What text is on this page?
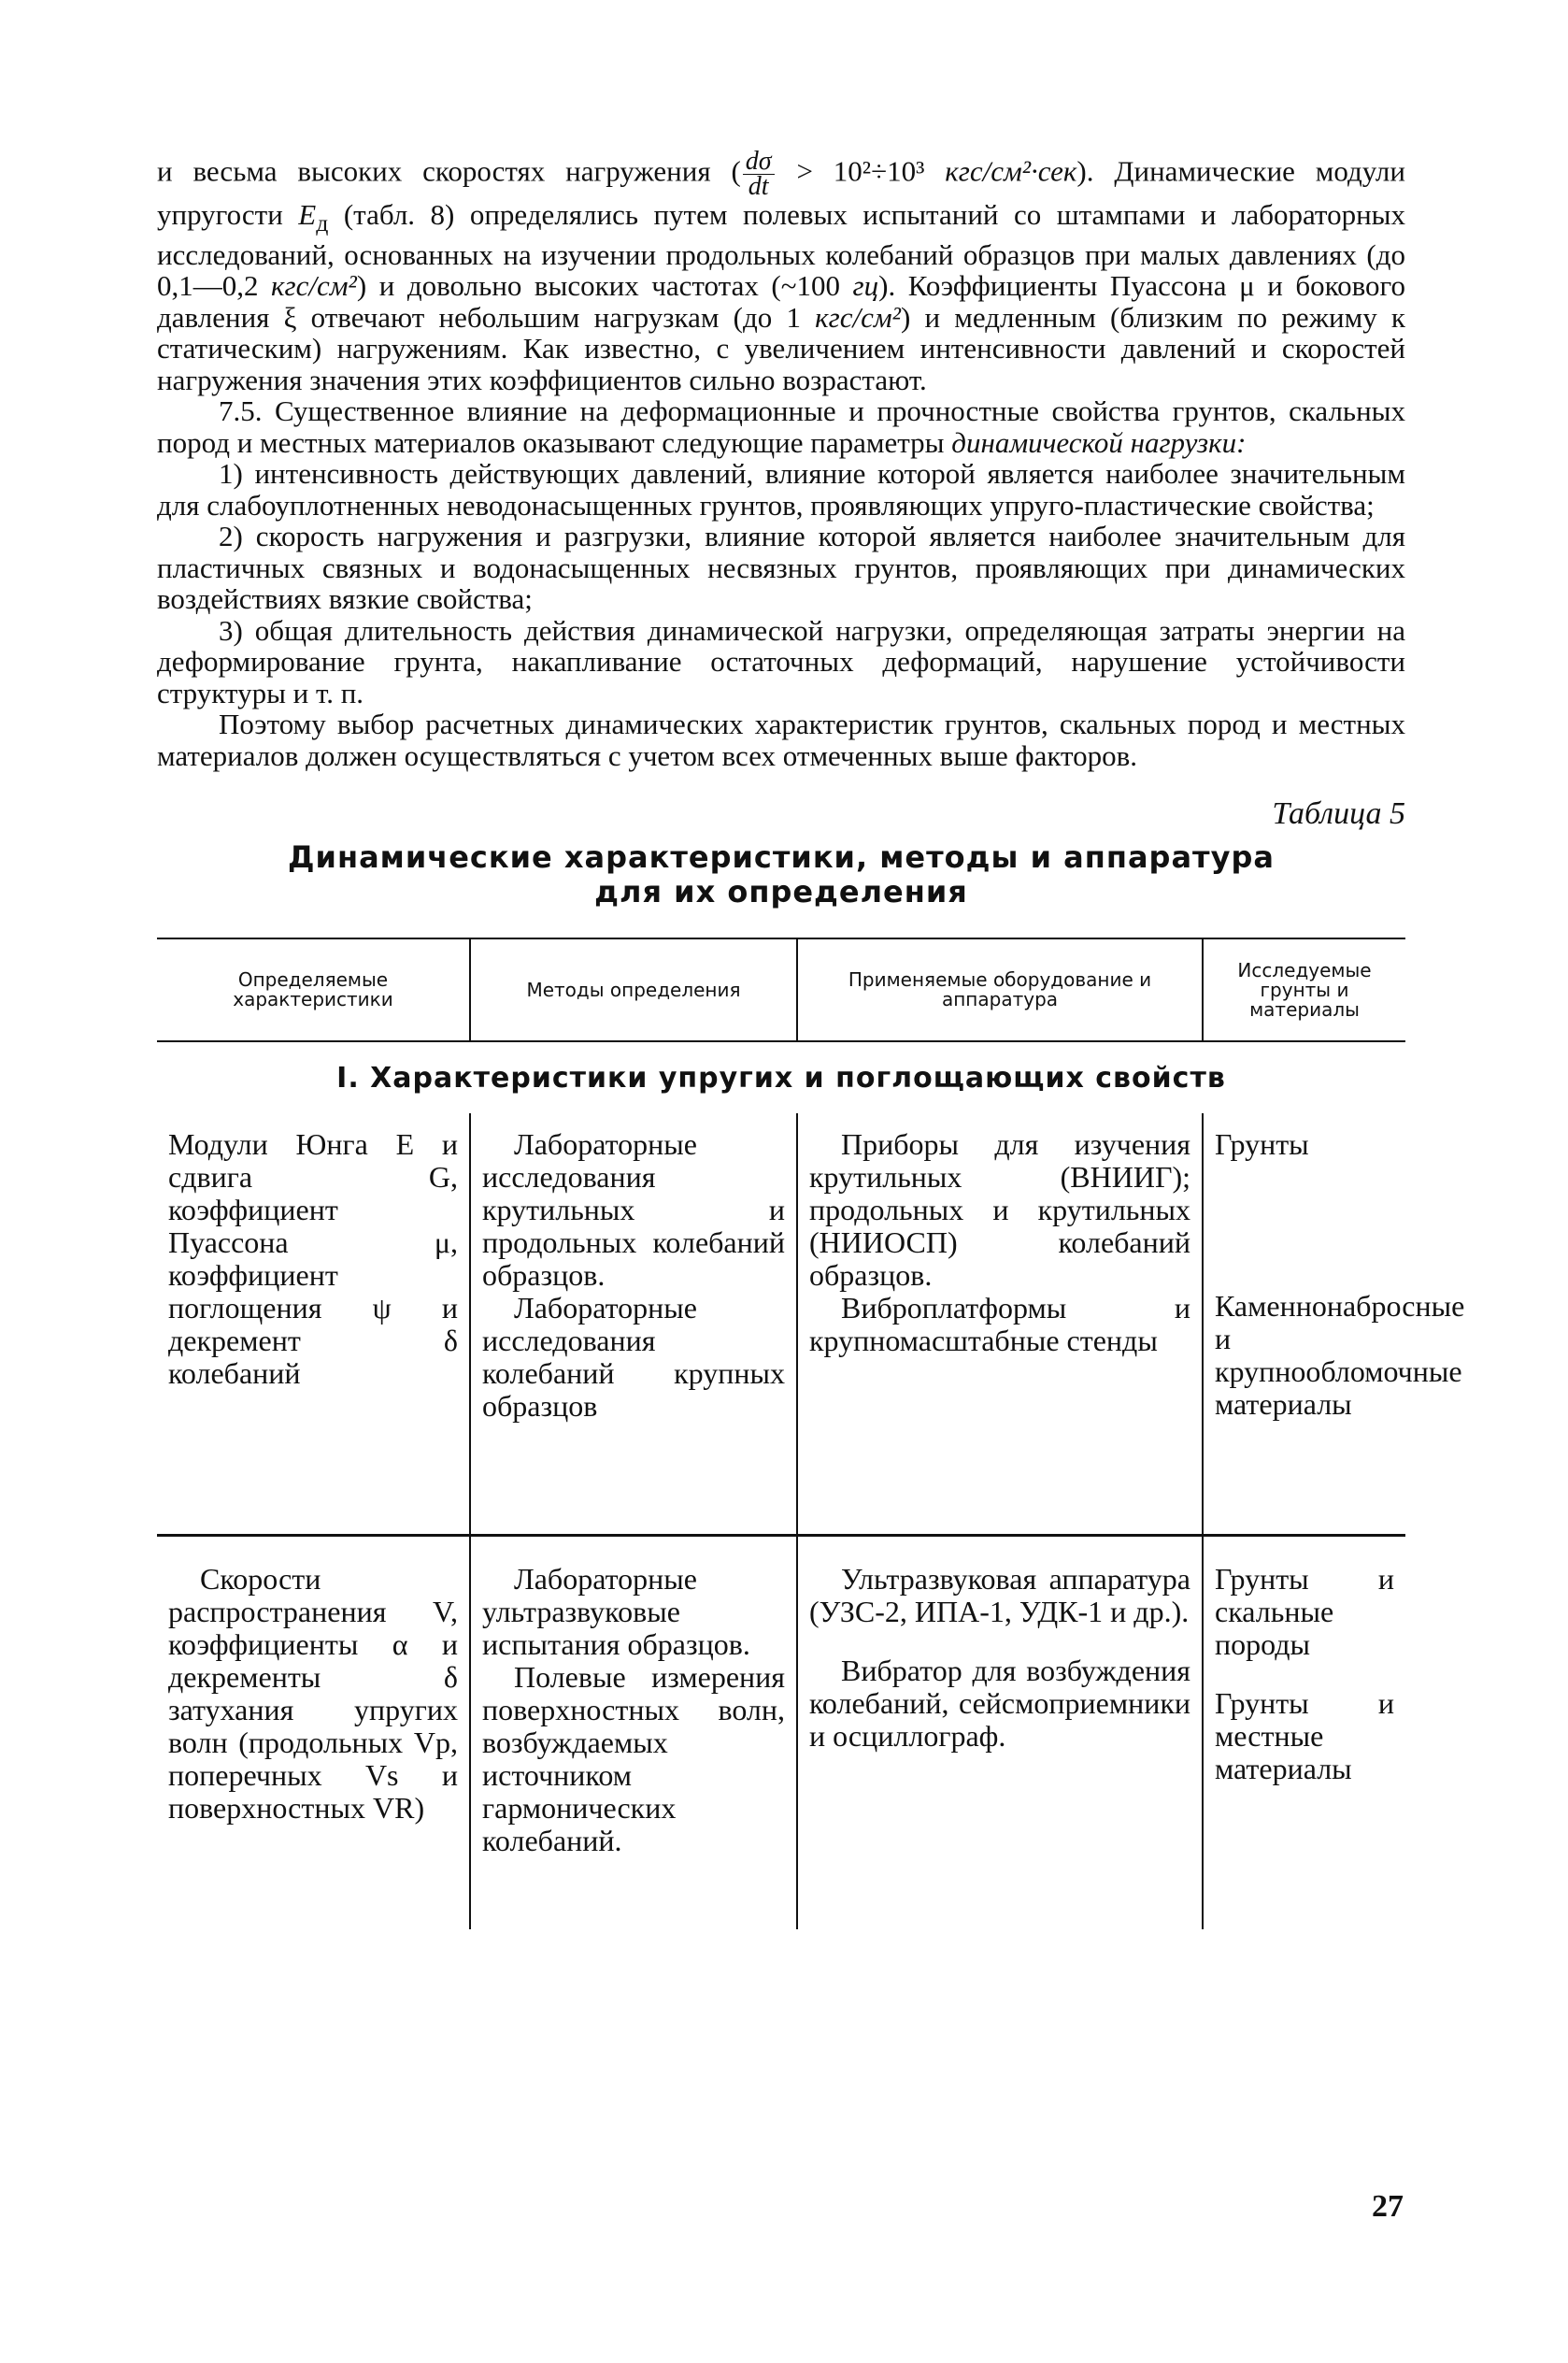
и весьма высоких скоростях нагружения ( $\frac{d\sigma}{dt} > 10^2\div 10^3$ кгс/см²·сек). Динамические модули упругости $E_д$ (табл. 8) определялись путем полевых испытаний со штампами и лабораторных исследований, основанных на изучении продольных колебаний образцов при малых давлениях (до 0,1—0,2 кгс/см²) и довольно высоких частотах (~100 гц). Коэффициенты Пуассона μ и бокового давления ξ отвечают небольшим нагрузкам (до 1 кгс/см²) и медленным (близким по режиму к статическим) нагружениям. Как известно, с увеличением интенсивности давлений и скоростей нагружения значения этих коэффициентов сильно возрастают.

7.5. Существенное влияние на деформационные и прочностные свойства грунтов, скальных пород и местных материалов оказывают следующие параметры динамической нагрузки:

1) интенсивность действующих давлений, влияние которой является наиболее значительным для слабоуплотненных неводонасыщенных грунтов, проявляющих упруго-пластические свойства;

2) скорость нагружения и разгрузки, влияние которой является наиболее значительным для пластичных связных и водонасыщенных несвязных грунтов, проявляющих при динамических воздействиях вязкие свойства;

3) общая длительность действия динамической нагрузки, определяющая затраты энергии на деформирование грунта, накапливание остаточных деформаций, нарушение устойчивости структуры и т. п.

Поэтому выбор расчетных динамических характеристик грунтов, скальных пород и местных материалов должен осуществляться с учетом всех отмеченных выше факторов.

Таблица 5
Динамические характеристики, методы и аппаратура
для их определения
Определяемые характеристики	Методы определения	Применяемые оборудование и аппаратура
Исследуемые грунты и материалы
I. Характеристики упругих и поглощающих свойств

Модули Юнга E и сдвига G, коэффициент Пуассона μ, коэффициент поглощения ψ и декремент δ колебаний

Лабораторные исследования крутильных и продольных колебаний образцов.

Лабораторные исследования колебаний крупных образцов

Приборы для изучения крутильных (ВНИИГ); продольных и крутильных (НИИОСП) колебаний образцов.

Виброплатформы и крупномасштабные стенды

Грунты

Каменнонабросные и крупнообломочные материалы

Скорости распространения V, коэффициенты α и декременты δ затухания упругих волн (продольных Vp, поперечных Vs и поверхностных VR)

Лабораторные ультразвуковые испытания образцов.

Полевые измерения поверхностных волн, возбуждаемых источником гармонических колебаний.

Ультразвуковая аппаратура (УЗС-2, ИПА-1, УДК-1 и др.).

Вибратор для возбуждения колебаний, сейсмоприемники и осциллограф.

Грунты и скальные породы

Грунты и местные материалы

27
